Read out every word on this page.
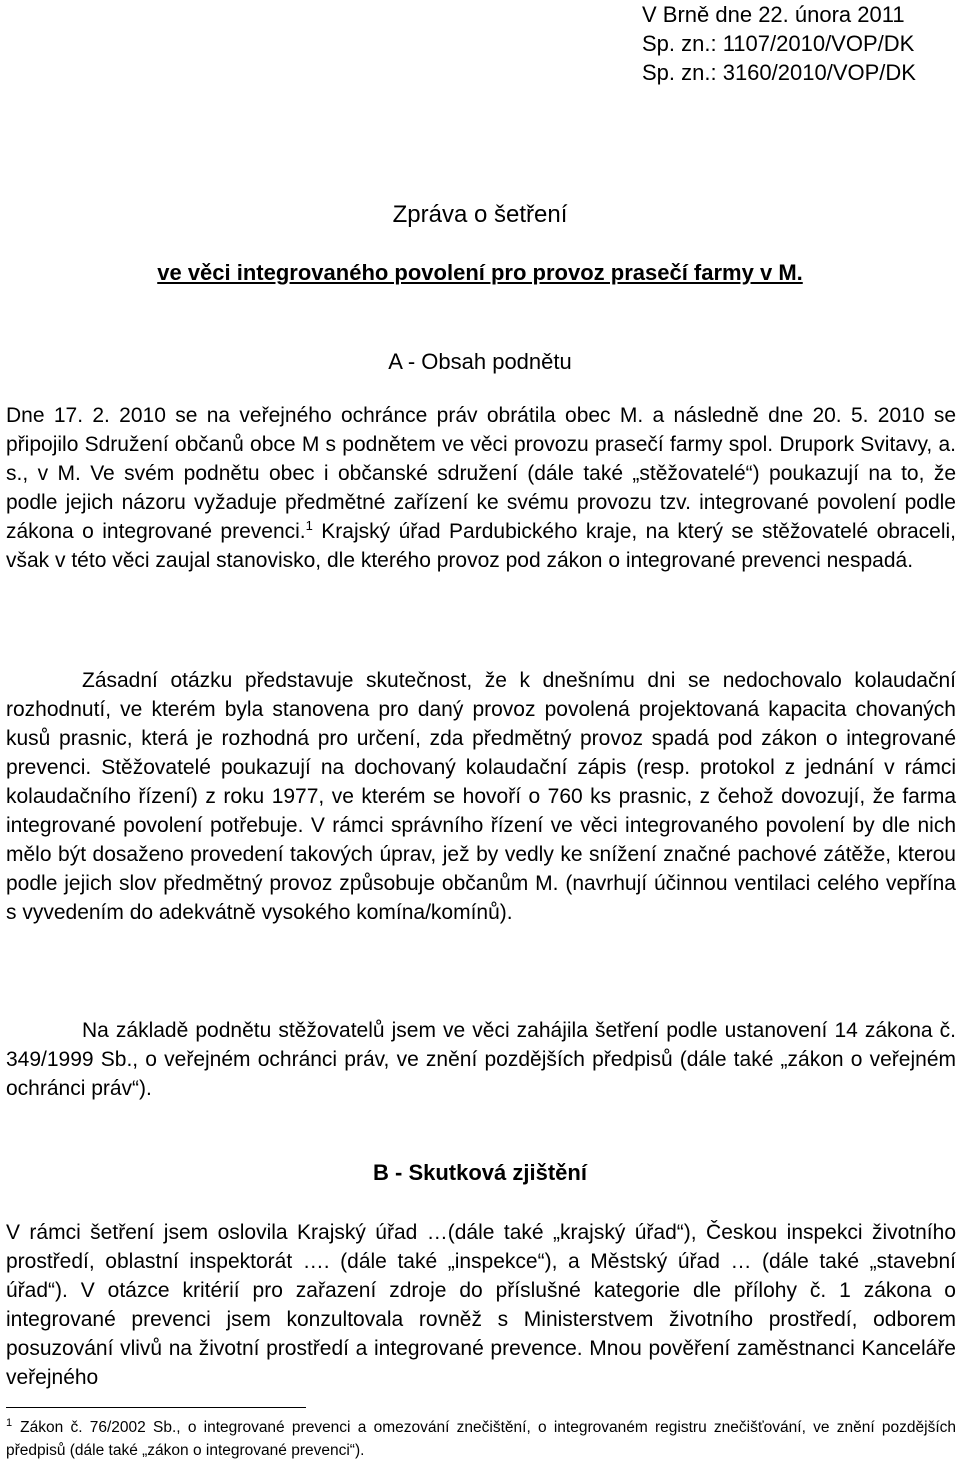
V Brně dne 22. února 2011
Sp. zn.: 1107/2010/VOP/DK
Sp. zn.: 3160/2010/VOP/DK
Zpráva o šetření
ve věci integrovaného povolení pro provoz prasečí farmy v M.
A - Obsah podnětu
Dne 17. 2. 2010 se na veřejného ochránce práv obrátila obec M. a následně dne 20. 5. 2010 se připojilo Sdružení občanů obce M s podnětem ve věci provozu prasečí farmy spol. Drupork Svitavy, a. s., v M. Ve svém podnětu obec i občanské sdružení (dále také „stěžovatelé“) poukazují na to, že podle jejich názoru vyžaduje předmětné zařízení ke svému provozu tzv. integrované povolení podle zákona o integrované prevenci.$^1$ Krajský úřad Pardubického kraje, na který se stěžovatelé obraceli, však v této věci zaujal stanovisko, dle kterého provoz pod zákon o integrované prevenci nespadá.
Zásadní otázku představuje skutečnost, že k dnešnímu dni se nedochovalo kolaudační rozhodnutí, ve kterém byla stanovena pro daný provoz povolená projektovaná kapacita chovaných kusů prasnic, která je rozhodná pro určení, zda předmětný provoz spadá pod zákon o integrované prevenci. Stěžovatelé poukazují na dochovaný kolaudační zápis (resp. protokol z jednání v rámci kolaudačního řízení) z roku 1977, ve kterém se hovoří o 760 ks prasnic, z čehož dovozují, že farma integrované povolení potřebuje. V rámci správního řízení ve věci integrovaného povolení by dle nich mělo být dosaženo provedení takových úprav, jež by vedly ke snížení značné pachové zátěže, kterou podle jejich slov předmětný provoz způsobuje občanům M. (navrhují účinnou ventilaci celého vepřína s vyvedením do adekvátně vysokého komína/komínů).
Na základě podnětu stěžovatelů jsem ve věci zahájila šetření podle ustanovení 14 zákona č. 349/1999 Sb., o veřejném ochránci práv, ve znění pozdějších předpisů (dále také „zákon o veřejném ochránci práv“).
B - Skutková zjištění
V rámci šetření jsem oslovila Krajský úřad …(dále také „krajský úřad“), Českou inspekci životního prostředí, oblastní inspektorát …. (dále také „inspekce“), a Městský úřad … (dále také „stavební úřad“). V otázce kritérií pro zařazení zdroje do příslušné kategorie dle přílohy č. 1 zákona o integrované prevenci jsem konzultovala rovněž s Ministerstvem životního prostředí, odborem posuzování vlivů na životní prostředí a integrované prevence. Mnou pověření zaměstnanci Kanceláře veřejného
$^1$ Zákon č. 76/2002 Sb., o integrované prevenci a omezování znečištění, o integrovaném registru znečišťování, ve znění pozdějších předpisů (dále také „zákon o integrované prevenci“).
